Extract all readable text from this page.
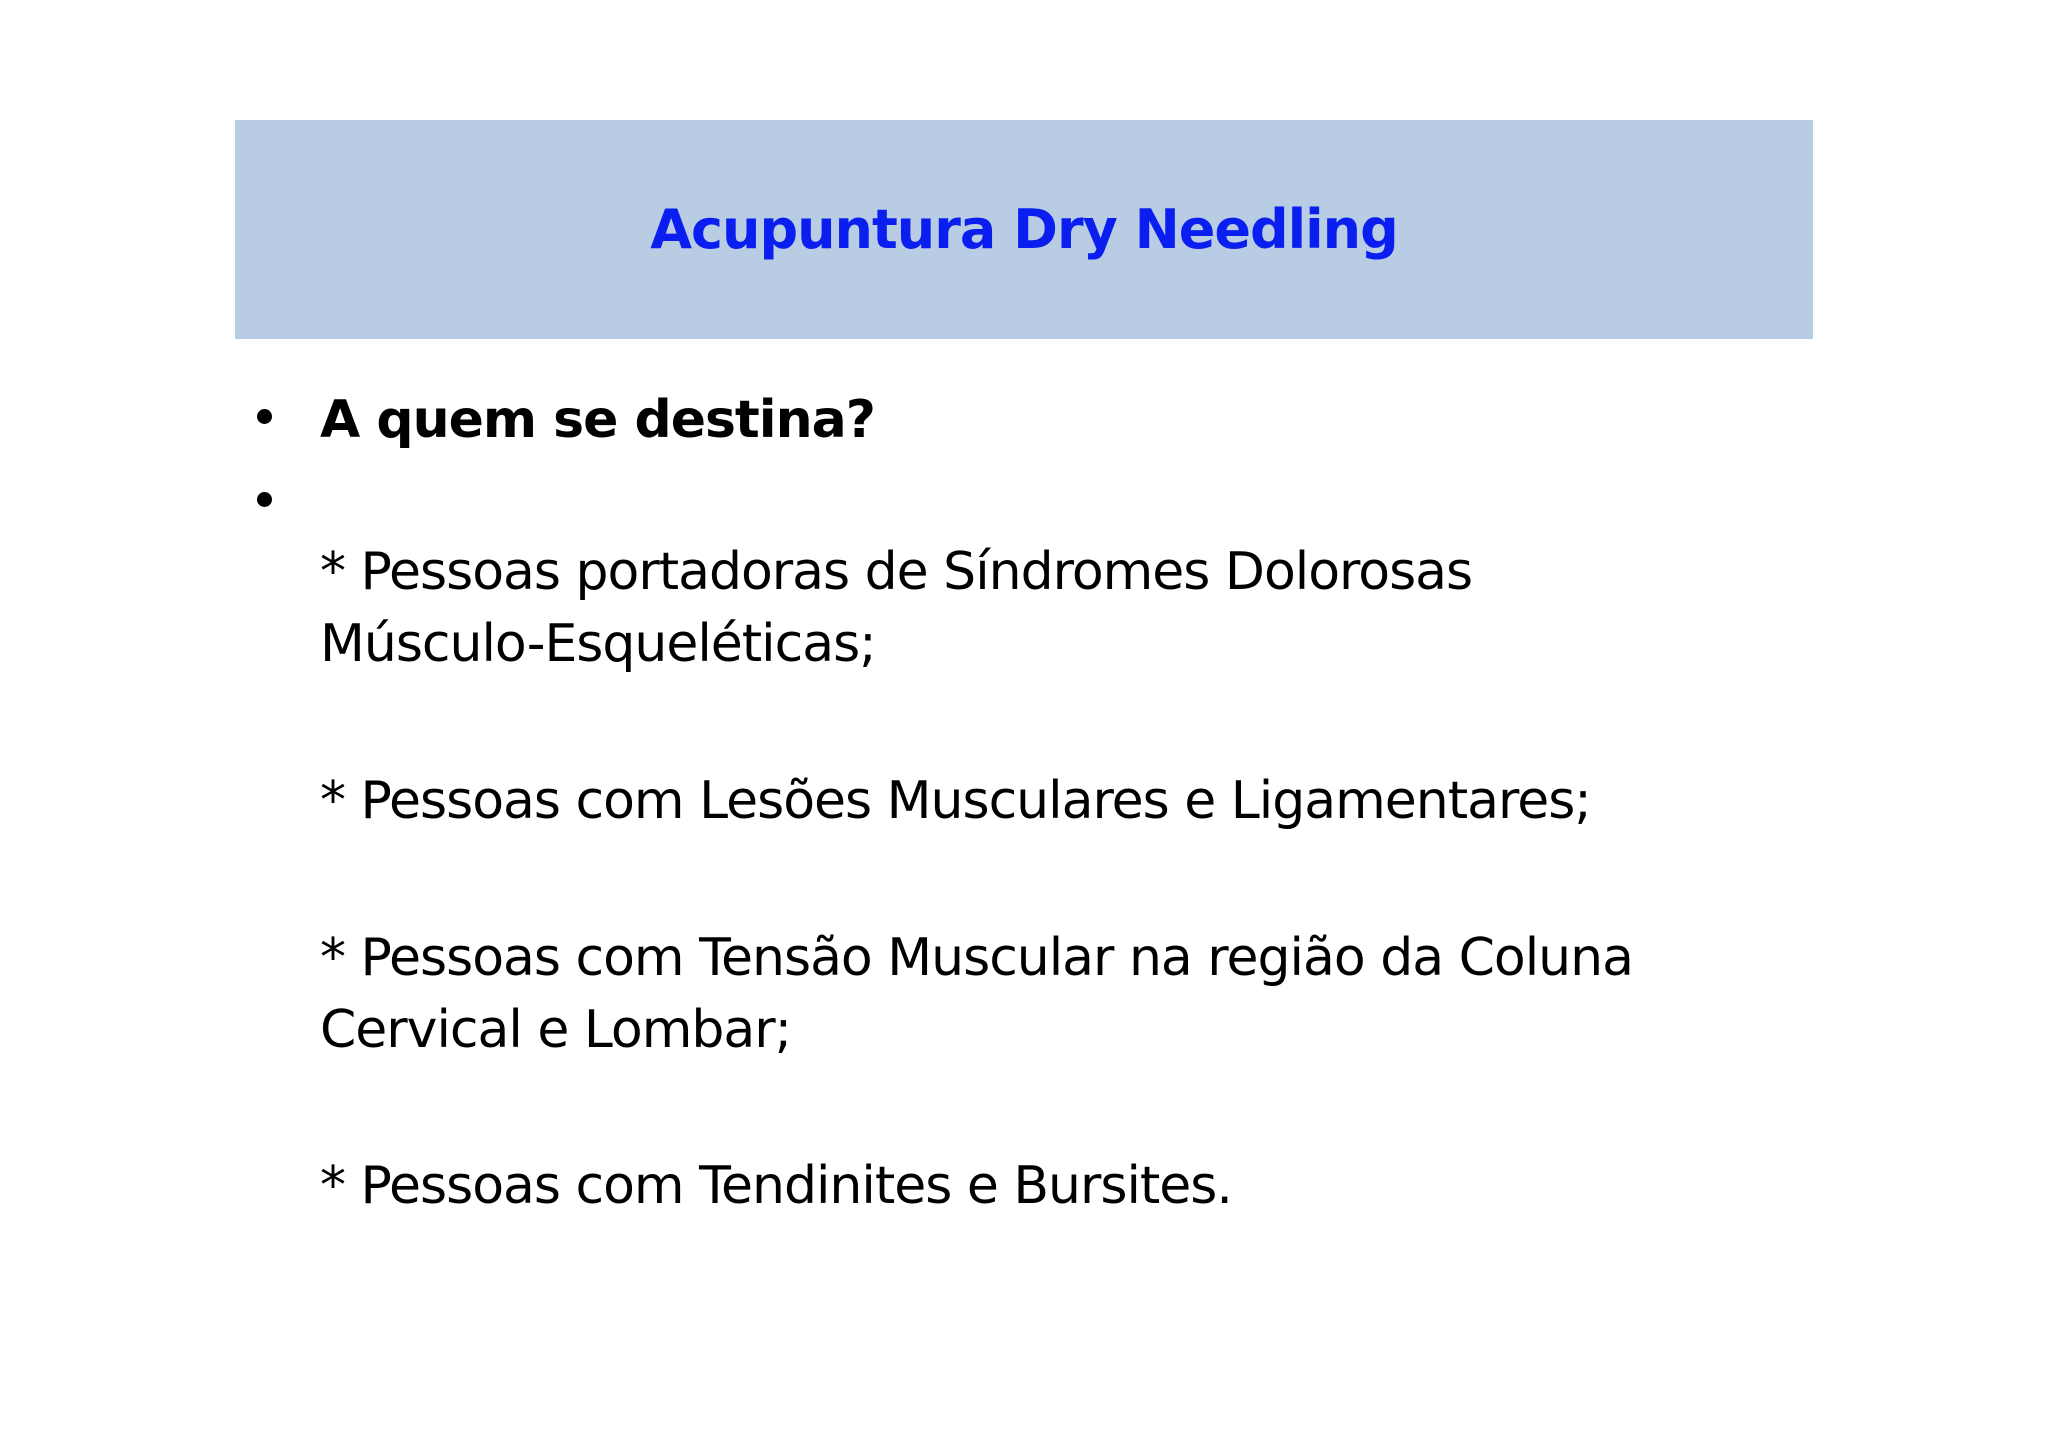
Acupuntura Dry Needling
A quem se destina?
* Pessoas portadoras de Síndromes Dolorosas
Músculo-Esqueléticas;
* Pessoas com Lesões Musculares e Ligamentares;
* Pessoas com Tensão Muscular na região da Coluna
Cervical e Lombar;
* Pessoas com Tendinites e Bursites.
